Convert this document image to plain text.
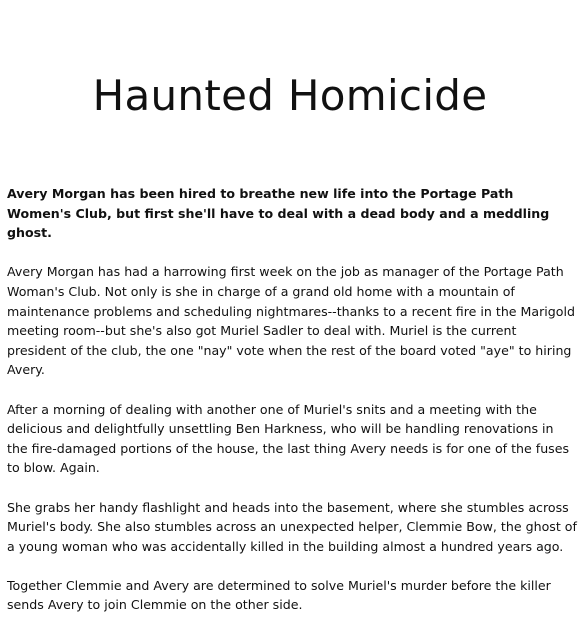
Haunted Homicide

Avery Morgan has been hired to breathe new life into the Portage Path Women's Club, but first she'll have to deal with a dead body and a meddling ghost.

Avery Morgan has had a harrowing first week on the job as manager of the Portage Path Woman's Club. Not only is she in charge of a grand old home with a mountain of maintenance problems and scheduling nightmares--thanks to a recent fire in the Marigold meeting room--but she's also got Muriel Sadler to deal with. Muriel is the current president of the club, the one "nay" vote when the rest of the board voted "aye" to hiring Avery.

After a morning of dealing with another one of Muriel's snits and a meeting with the delicious and delightfully unsettling Ben Harkness, who will be handling renovations in the fire-damaged portions of the house, the last thing Avery needs is for one of the fuses to blow. Again.

She grabs her handy flashlight and heads into the basement, where she stumbles across Muriel's body. She also stumbles across an unexpected helper, Clemmie Bow, the ghost of a young woman who was accidentally killed in the building almost a hundred years ago.

Together Clemmie and Avery are determined to solve Muriel's murder before the killer sends Avery to join Clemmie on the other side.
